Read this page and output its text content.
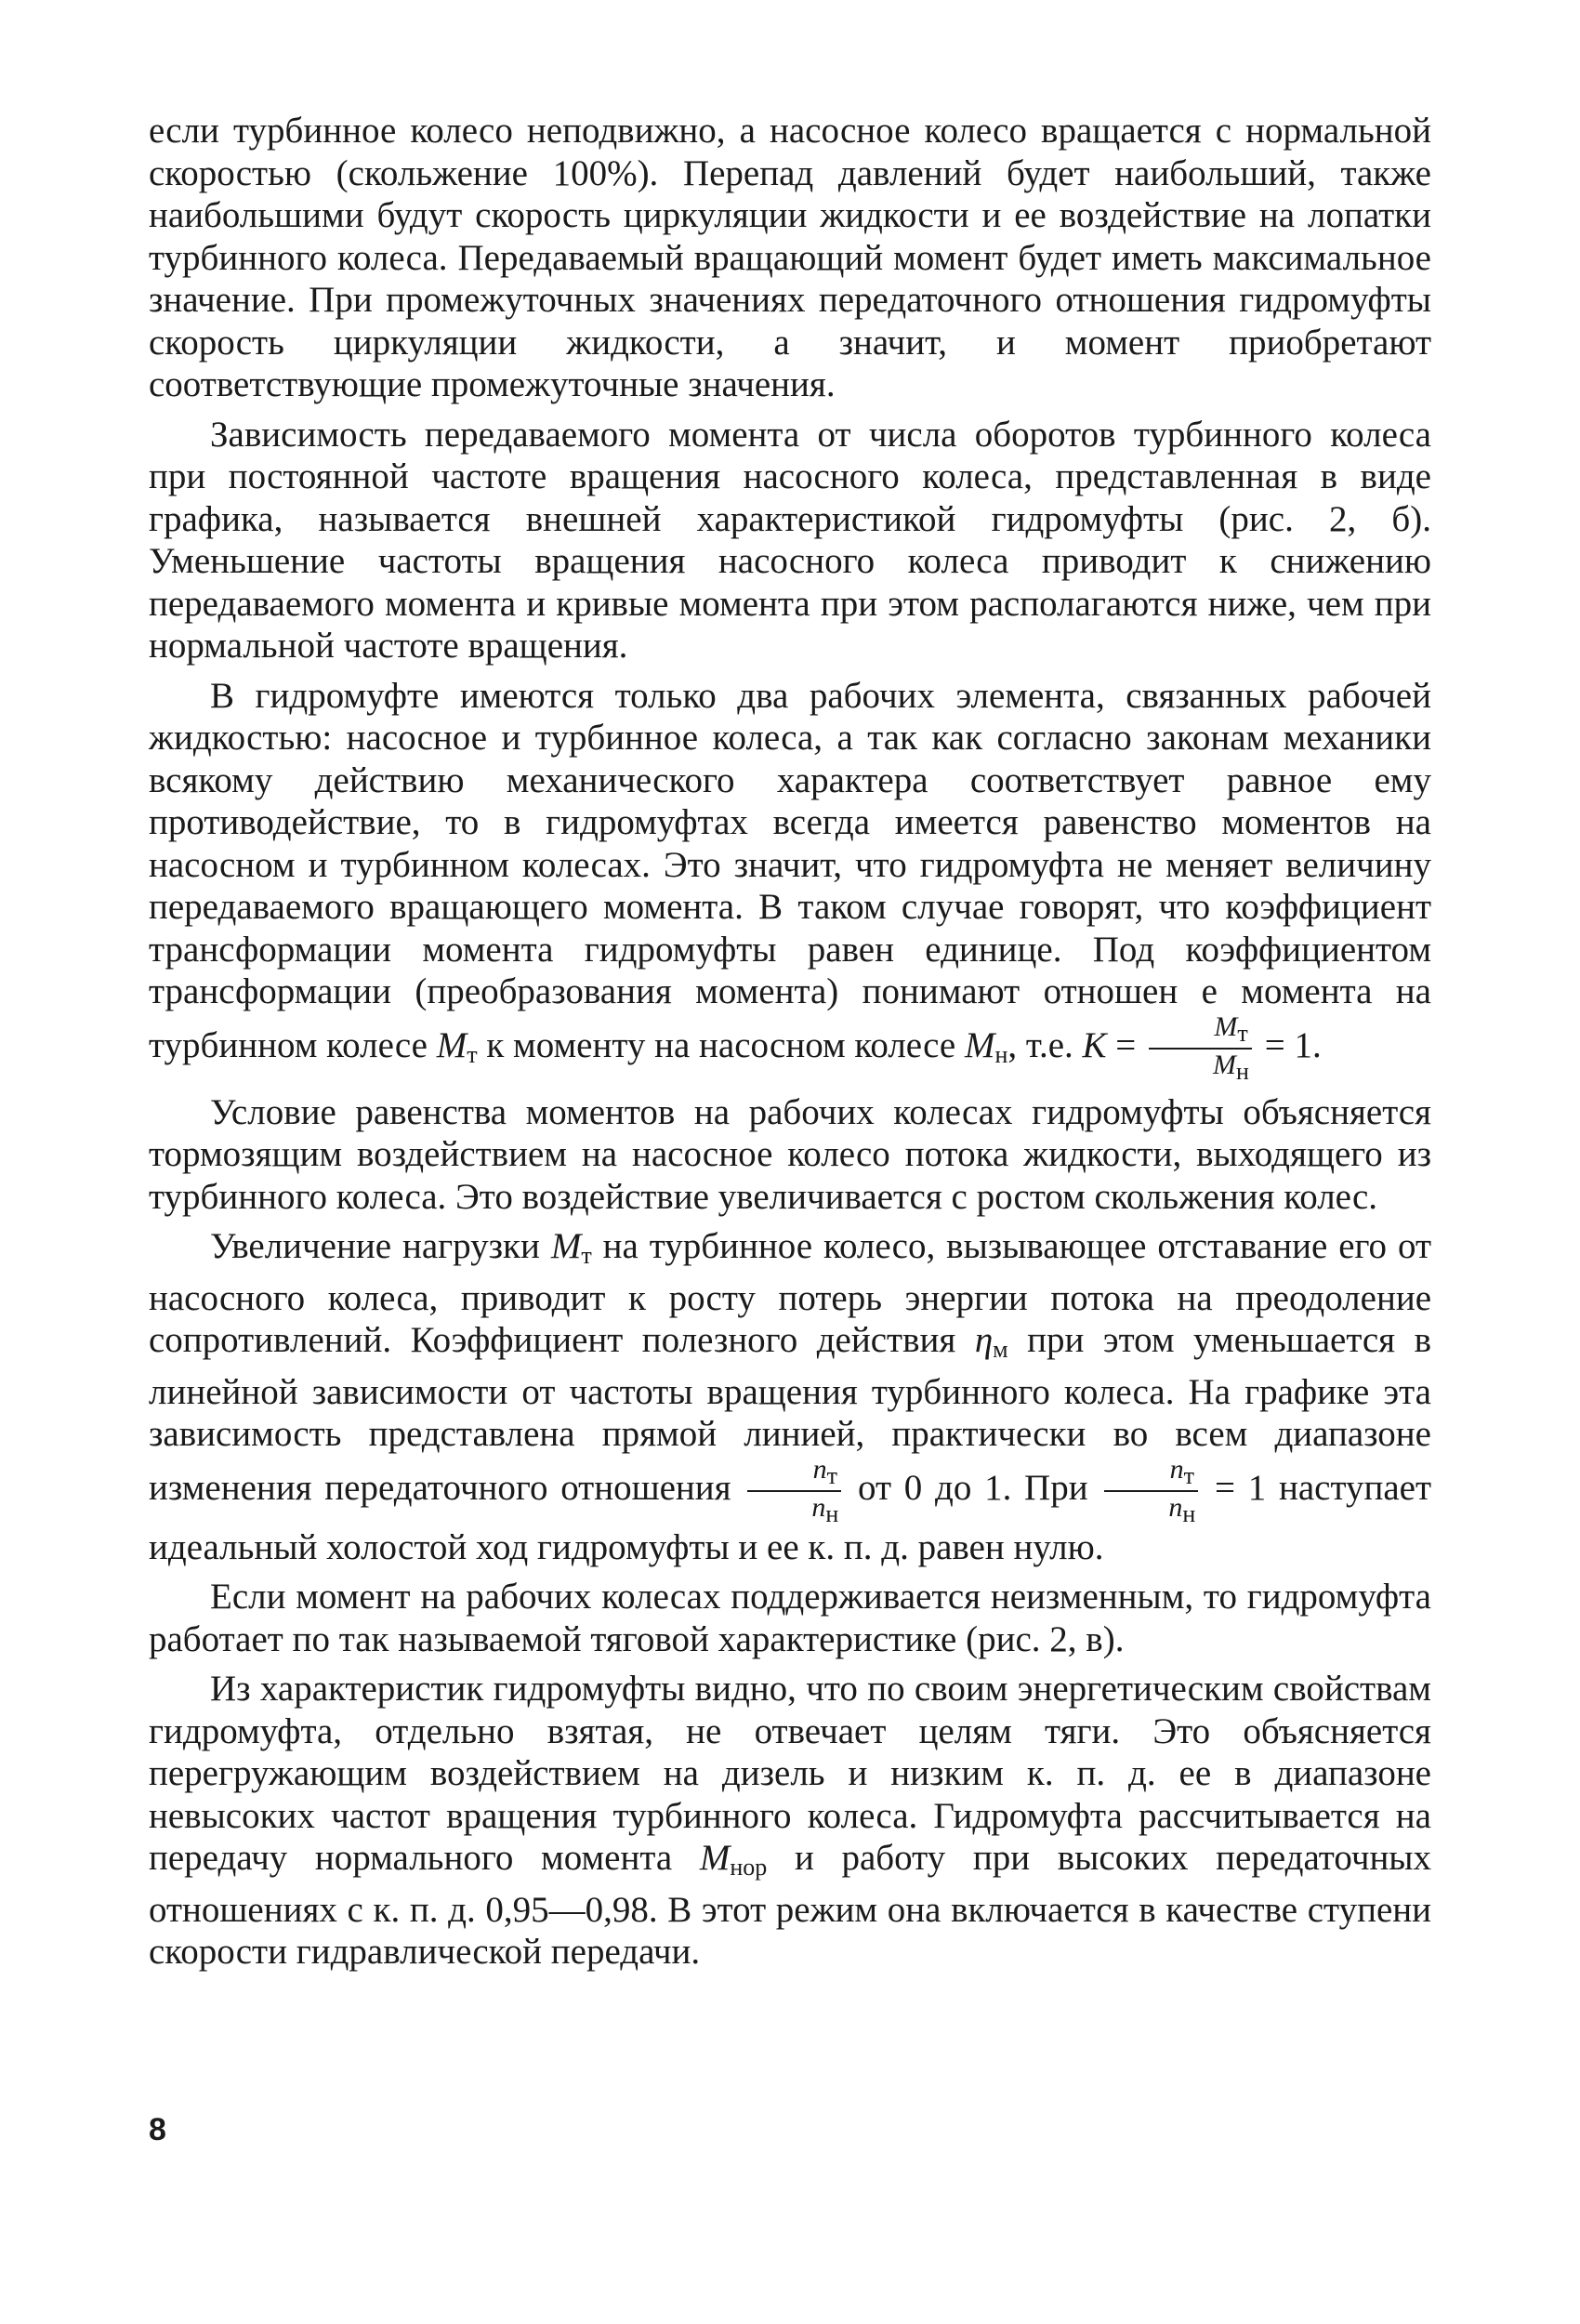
если турбинное колесо неподвижно, а насосное колесо вращается с нормальной скоростью (скольжение 100%). Перепад давлений будет наибольший, также наибольшими будут скорость циркуляции жидкости и ее воздействие на лопатки турбинного колеса. Передаваемый вращающий момент будет иметь максимальное значение. При промежуточных значениях передаточного отношения гидромуфты скорость циркуляции жидкости, а значит, и момент приобретают соответствующие промежуточные значения.

Зависимость передаваемого момента от числа оборотов турбинного колеса при постоянной частоте вращения насосного колеса, представленная в виде графика, называется внешней характеристикой гидромуфты (рис. 2, б). Уменьшение частоты вращения насосного колеса приводит к снижению передаваемого момента и кривые момента при этом располагаются ниже, чем при нормальной частоте вращения.

В гидромуфте имеются только два рабочих элемента, связанных рабочей жидкостью: насосное и турбинное колеса, а так как согласно законам механики всякому действию механического характера соответствует равное ему противодействие, то в гидромуфтах всегда имеется равенство моментов на насосном и турбинном колесах. Это значит, что гидромуфта не меняет величину передаваемого вращающего момента. В таком случае говорят, что коэффициент трансформации момента гидромуфты равен единице. Под коэффициентом трансформации (преобразования момента) понимают отношен е момента на турбинном колесе $M_т$ к моменту на насосном колесе $M_н$, т.е. $K = \frac{Mт}{Mн} = 1$.

Условие равенства моментов на рабочих колесах гидромуфты объясняется тормозящим воздействием на насосное колесо потока жидкости, выходящего из турбинного колеса. Это воздействие увеличивается с ростом скольжения колес.

Увеличение нагрузки $M_т$ на турбинное колесо, вызывающее отставание его от насосного колеса, приводит к росту потерь энергии потока на преодоление сопротивлений. Коэффициент полезного действия $\eta_м$ при этом уменьшается в линейной зависимости от частоты вращения турбинного колеса. На графике эта зависимость представлена прямой линией, практически во всем диапазоне изменения передаточного отношения $\frac{nт}{nн}$ от 0 до 1. При $\frac{nт}{nн} = 1$ наступает идеальный холостой ход гидромуфты и ее к. п. д. равен нулю.

Если момент на рабочих колесах поддерживается неизменным, то гидромуфта работает по так называемой тяговой характеристике (рис. 2, в).

Из характеристик гидромуфты видно, что по своим энергетическим свойствам гидромуфта, отдельно взятая, не отвечает целям тяги. Это объясняется перегружающим воздействием на дизель и низким к. п. д. ее в диапазоне невысоких частот вращения турбинного колеса. Гидромуфта рассчитывается на передачу нормального момента $M_{нор}$ и работу при высоких передаточных отношениях с к. п. д. 0,95—0,98. В этот режим она включается в качестве ступени скорости гидравлической передачи.

8
